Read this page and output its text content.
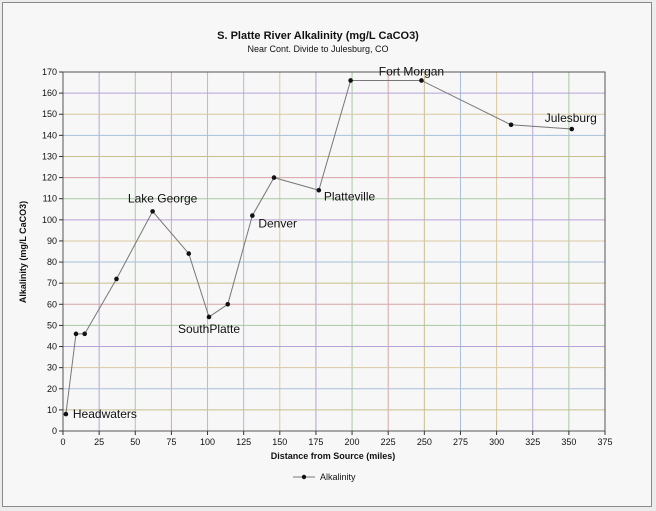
S. Platte River Alkalinity (mg/L CaCO3)
Near Cont. Divide to Julesburg, CO
0
10
20
30
40
50
60
70
80
90
100
110
120
130
140
150
160
170
0	25	50	75	100 125 150 175 200 225 250 275 300 325 350 375
Headwaters
Lake George
SouthPlatte
Denver
Platteville
Fort Morgan
Julesburg
Distance from Source (miles)
Alkalinity (mg/L CaCO3)
Alkalinity
